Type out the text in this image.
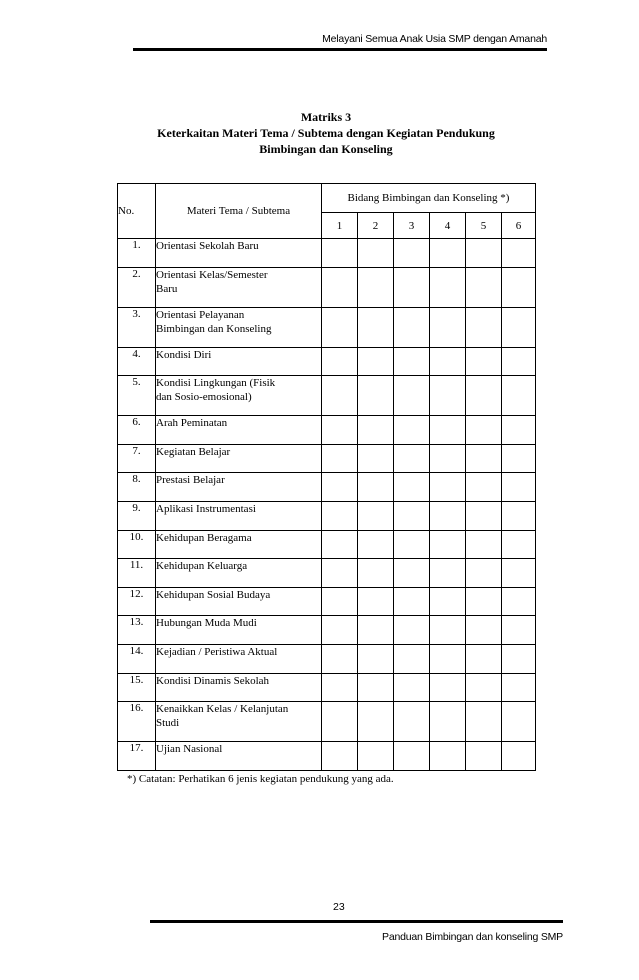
Melayani Semua Anak Usia SMP dengan Amanah
Matriks 3
Keterkaitan Materi Tema / Subtema dengan Kegiatan Pendukung
Bimbingan dan Konseling
No.	Materi Tema / Subtema	Bidang Bimbingan dan Konseling *)					
		1	2	3	4	5	6
1.	Orientasi Sekolah Baru						

2.	Orientasi Kelas/Semester
Baru						

3.	Orientasi Pelayanan
Bimbingan dan Konseling						

4.	Kondisi Diri						

5.	Kondisi Lingkungan (Fisik
dan Sosio-emosional)						

6.	Arah Peminatan						

7.	Kegiatan Belajar						

8.	Prestasi Belajar						

9.	Aplikasi Instrumentasi						

10.	Kehidupan Beragama						

11.	Kehidupan Keluarga						

12.	Kehidupan Sosial Budaya						

13.	Hubungan Muda Mudi						

14.	Kejadian / Peristiwa Aktual						

15.	Kondisi Dinamis Sekolah						

16.	Kenaikkan Kelas / Kelanjutan
Studi						

17.	Ujian Nasional						

*) Catatan: Perhatikan 6 jenis kegiatan pendukung yang ada.
23
Panduan Bimbingan dan konseling SMP
